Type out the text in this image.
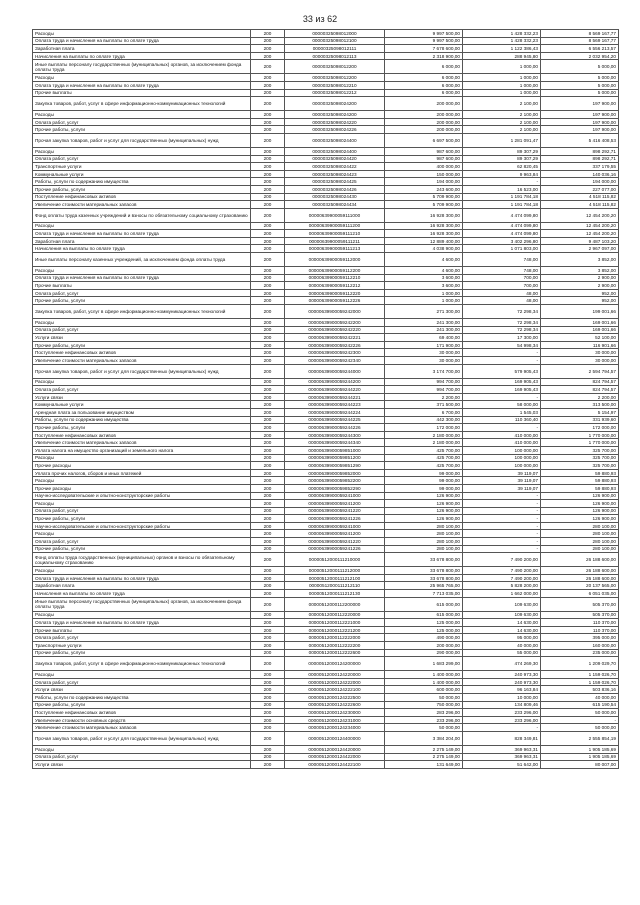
33 из 62
Расходы	200	00000325098012000	9 997 500,00	1 428 332,23	8 569 167,77
Оплата труда и начисления на выплаты по оплате труда	200	00000325098012100	9 997 500,00	1 428 332,23	8 569 167,77
Заработная плата	200	00000325098012111	7 678 600,00	1 122 386,43	6 556 213,57
Начисления на выплаты по оплате труда	200	00000325098012113	2 318 900,00	288 945,80	2 032 954,20
Иные выплаты персоналу государственных (муниципальных) органов, за исключением фонда оплаты труда	200	00000325098012200	6 000,00	1 000,00	5 000,00
Расходы	200	00000325098012200	6 000,00	1 000,00	5 000,00
Оплата труда и начисления на выплаты по оплате труда	200	00000325098012210	6 000,00	1 000,00	5 000,00
Прочие выплаты	200	00000325098012212	6 000,00	1 000,00	5 000,00
Закупка товаров, работ, услуг в сфере информационно-коммуникационных технологий	200	00000325098024200	200 000,00	2 100,00	197 900,00
Расходы	200	00000325098024200	200 000,00	2 100,00	197 900,00
Оплата работ, услуг	200	00000325098024220	200 000,00	2 100,00	197 900,00
Прочие работы, услуги	200	00000325098024226	200 000,00	2 100,00	197 900,00
Прочая закупка товаров, работ и услуг для государственных (муниципальных) нужд	200	00000325098024400	6 697 500,00	1 281 091,47	5 416 408,53
Расходы	200	00000325098024400	987 600,00	89 307,29	898 292,71
Оплата работ, услуг	200	00000325098024420	987 600,00	89 307,29	898 292,71
Транспортные услуги	200	00000325098024422	400 000,00	62 820,45	337 179,55
Коммунальные услуги	200	00000325098024423	150 000,00	9 963,84	140 036,16
Работы, услуги по содержанию имущества	200	00000325098024425	194 000,00	-	194 000,00
Прочие работы, услуги	200	00000325098024426	243 600,00	16 523,00	227 077,00
Поступление нефинансовых активов	200	00000325098024430	5 709 900,00	1 191 784,18	4 518 115,82
Увеличение стоимости материальных запасов	200	00000325098024434	5 709 900,00	1 191 784,18	4 518 115,82
Фонд оплаты труда казенных учреждений и взносы по обязательному социальному страхованию	200	00000639900059111000	16 928 300,00	4 474 099,80	12 454 200,20
Расходы	200	00000639900059111200	16 928 300,00	4 474 099,80	12 454 200,20
Оплата труда и начисления на выплаты по оплате труда	200	00000639900059111210	16 928 300,00	4 474 099,80	12 454 200,20
Заработная плата	200	00000639900059111211	12 889 400,00	3 402 296,80	9 487 103,20
Начисления на выплаты по оплате труда	200	00000639900059111213	4 038 900,00	1 071 803,00	2 967 097,00
Иные выплаты персоналу казенных учреждений, за исключением фонда оплаты труда	200	00000639900059112000	4 600,00	748,00	3 852,00
Расходы	200	00000639900059112200	4 600,00	748,00	3 852,00
Оплата труда и начисления на выплаты по оплате труда	200	00000639900059112210	3 600,00	700,00	2 900,00
Прочие выплаты	200	00000639900059112212	3 600,00	700,00	2 900,00
Оплата работ, услуг	200	00000639900059112220	1 000,00	48,00	952,00
Прочие работы, услуги	200	00000639900059112226	1 000,00	48,00	952,00
Закупка товаров, работ, услуг в сфере информационно-коммуникационных технологий	200	00000639900059242000	271 300,00	72 298,34	199 001,66
Расходы	200	00000639900059242200	241 300,00	72 298,34	169 001,66
Оплата работ, услуг	200	00000639900059242220	241 300,00	72 298,34	169 001,66
Услуги связи	200	00000639900059242221	69 400,00	17 300,00	52 100,00
Прочие работы, услуги	200	00000639900059242226	171 900,00	54 998,34	116 901,66
Поступление нефинансовых активов	200	00000639900059242300	30 000,00	-	30 000,00
Увеличение стоимости материальных запасов	200	00000639900059242340	30 000,00	-	30 000,00
Прочая закупка товаров, работ и услуг для государственных (муниципальных) нужд	200	00000639900059244000	3 174 700,00	579 905,43	2 594 794,57
Расходы	200	00000639900059244200	994 700,00	169 905,43	824 794,57
Оплата работ, услуг	200	00000639900059244220	994 700,00	169 905,43	824 794,57
Услуги связи	200	00000639900059244221	2 200,00	-	2 200,00
Коммунальные услуги	200	00000639900059244223	371 500,00	58 000,00	313 500,00
Арендная плата за пользование имуществом	200	00000639900059244224	6 700,00	1 545,03	5 154,97
Работы, услуги по содержанию имущества	200	00000639900059244225	442 300,00	110 360,40	331 939,60
Прочие работы, услуги	200	00000639900059244226	172 000,00	-	172 000,00
Поступление нефинансовых активов	200	00000639900059244300	2 180 000,00	410 000,00	1 770 000,00
Увеличение стоимости материальных запасов	200	00000639900059244340	2 180 000,00	410 000,00	1 770 000,00
Уплата налога на имущество организаций и земельного налога	200	00000639900059851000	425 700,00	100 000,00	325 700,00
Расходы	200	00000639900059851200	425 700,00	100 000,00	325 700,00
Прочие расходы	200	00000639900059851290	425 700,00	100 000,00	325 700,00
Уплата прочих налогов, сборов и иных платежей	200	00000639900059852000	99 000,00	39 119,07	59 880,93
Расходы	200	00000639900059852200	99 000,00	39 119,07	59 880,93
Прочие расходы	200	00000639900059852290	99 000,00	39 119,07	59 880,93
Научно-исследовательские и опытно-конструкторские работы	200	00000639900059241000	126 900,00	-	126 900,00
Расходы	200	00000639900059241200	126 900,00	-	126 900,00
Оплата работ, услуг	200	00000639900059241220	126 900,00	-	126 900,00
Прочие работы, услуги	200	00000639900059241226	126 900,00	-	126 900,00
Научно-исследовательские и опытно-конструкторские работы	200	00000639900059241000	280 100,00	-	280 100,00
Расходы	200	00000639900059241200	280 100,00	-	280 100,00
Оплата работ, услуг	200	00000639900059241220	280 100,00	-	280 100,00
Прочие работы, услуги	200	00000639900059241226	280 100,00	-	280 100,00
Фонд оплаты труда государственных (муниципальных) органов и взносы по обязательному социальному страхованию	200	00000512000111210000	33 678 800,00	7 490 200,00	26 188 600,00
Расходы	200	00000512000111212000	33 678 800,00	7 490 200,00	26 188 600,00
Оплата труда и начисления на выплаты по оплате труда	200	00000512000111212100	33 678 800,00	7 490 200,00	26 188 600,00
Заработная плата	200	00000512000111212110	25 965 765,00	5 828 200,00	20 137 565,00
Начисления на выплаты по оплате труда	200	00000512000111212130	7 713 035,00	1 662 000,00	6 051 035,00
Иные выплаты персоналу государственных (муниципальных) органов, за исключением фонда оплаты труда	200	00000512000112200000	615 000,00	109 630,00	505 370,00
Расходы	200	00000512000112220000	615 000,00	109 630,00	505 370,00
Оплата труда и начисления на выплаты по оплате труда	200	00000512000112221000	125 000,00	14 630,00	110 370,00
Прочие выплаты	200	00000512000112221200	125 000,00	14 630,00	110 370,00
Оплата работ, услуг	200	00000512000112222000	490 000,00	95 000,00	395 000,00
Транспортные услуги	200	00000512000112222200	200 000,00	40 000,00	160 000,00
Прочие работы, услуги	200	00000512000112222600	290 000,00	55 000,00	235 000,00
Закупка товаров, работ, услуг в сфере информационно-коммуникационных технологий	200	00000512000124200000	1 683 299,00	474 269,30	1 209 029,70
Расходы	200	00000512000124220000	1 400 000,00	240 973,30	1 159 026,70
Оплата работ, услуг	200	00000512000124222000	1 400 000,00	240 973,30	1 159 026,70
Услуги связи	200	00000512000124222100	600 000,00	96 163,84	503 836,16
Работы, услуги по содержанию имущества	200	00000512000124222500	50 000,00	10 000,00	40 000,00
Прочие работы, услуги	200	00000512000124222600	750 000,00	134 809,46	615 190,54
Поступление нефинансовых активов	200	00000512000124230000	283 296,00	233 296,00	50 000,00
Увеличение стоимости основных средств	200	00000512000124231000	233 296,00	233 296,00	-
Увеличение стоимости материальных запасов	200	00000512000124234000	50 000,00	-	50 000,00
Прочая закупка товаров, работ и услуг для государственных (муниципальных) нужд	200	00000512000124400000	3 384 204,00	828 349,81	2 555 854,19
Расходы	200	00000512000124420000	2 275 149,00	369 963,31	1 905 185,69
Оплата работ, услуг	200	00000512000124422000	2 275 149,00	369 963,31	1 905 185,69
Услуги связи	200	00000512000124422100	131 649,00	51 642,00	80 007,00
